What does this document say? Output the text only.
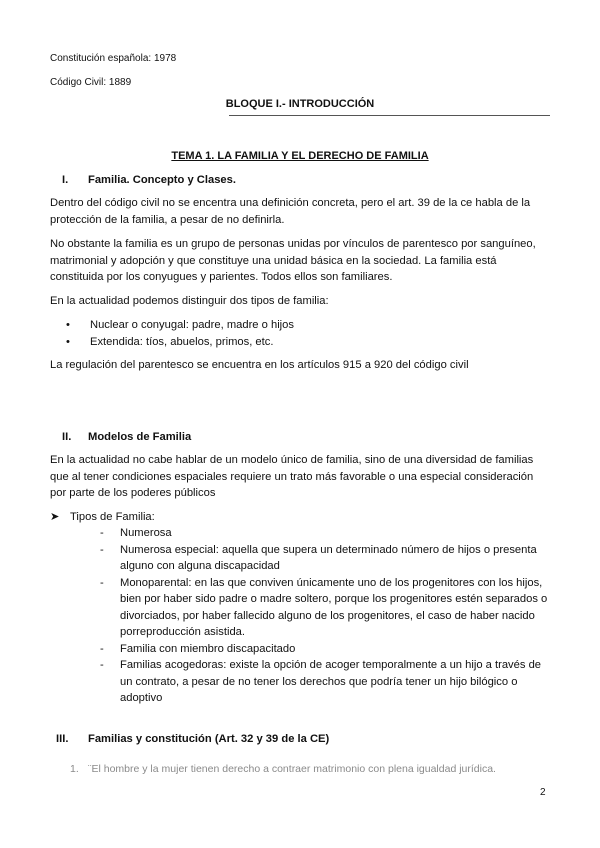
Constitución española: 1978
Código Civil: 1889
BLOQUE I.- INTRODUCCIÓN
TEMA 1. LA FAMILIA Y EL DERECHO DE FAMILIA
I. Familia. Concepto y Clases.
Dentro del código civil no se encentra una definición concreta, pero el art. 39 de la ce habla de la protección de la familia, a pesar de no definirla.
No obstante la familia es un grupo de personas unidas por vínculos de parentesco por sanguíneo, matrimonial y adopción y que constituye una unidad básica en la sociedad. La familia está constituida por los conyugues y parientes. Todos ellos son familiares.
En la actualidad podemos distinguir dos tipos de familia:
• Nuclear o conyugal: padre, madre o hijos
• Extendida: tíos, abuelos, primos, etc.
La regulación del parentesco se encuentra en los artículos 915 a 920 del código civil
II. Modelos de Familia
En la actualidad no cabe hablar de un modelo único de familia, sino de una diversidad de familias que al tener condiciones espaciales requiere un trato más favorable o una especial consideración por parte de los poderes públicos
➤ Tipos de Familia:
- Numerosa
- Numerosa especial: aquella que supera un determinado número de hijos o presenta alguno con alguna discapacidad
- Monoparental: en las que conviven únicamente uno de los progenitores con los hijos, bien por haber sido padre o madre soltero, porque los progenitores estén separados o divorciados, por haber fallecido alguno de los progenitores, el caso de haber nacido porreproducción asistida.
- Familia con miembro discapacitado
- Familias acogedoras: existe la opción de acoger temporalmente a un hijo a través de un contrato, a pesar de no tener los derechos que podría tener un hijo bilógico o adoptivo
III. Familias y constitución (Art. 32 y 39 de la CE)
1. ¨El hombre y la mujer tienen derecho a contraer matrimonio con plena igualdad jurídica.
2
